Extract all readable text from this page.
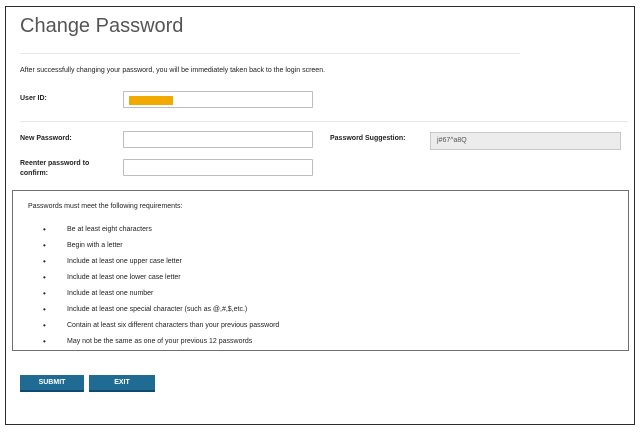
Change Password
After successfully changing your password, you will be immediately taken back to the login screen.
User ID:
New Password:	Password Suggestion:	j#67^a8Q
Reenter password to
confirm:
Passwords must meet the following requirements:
•	Be at least eight characters
•	Begin with a letter
•	Include at least one upper case letter
•	Include at least one lower case letter
•	Include at least one number
•	Include at least one special character (such as @,#,$,etc.)
•	Contain at least six different characters than your previous password
•	May not be the same as one of your previous 12 passwords
SUBMIT	EXIT
